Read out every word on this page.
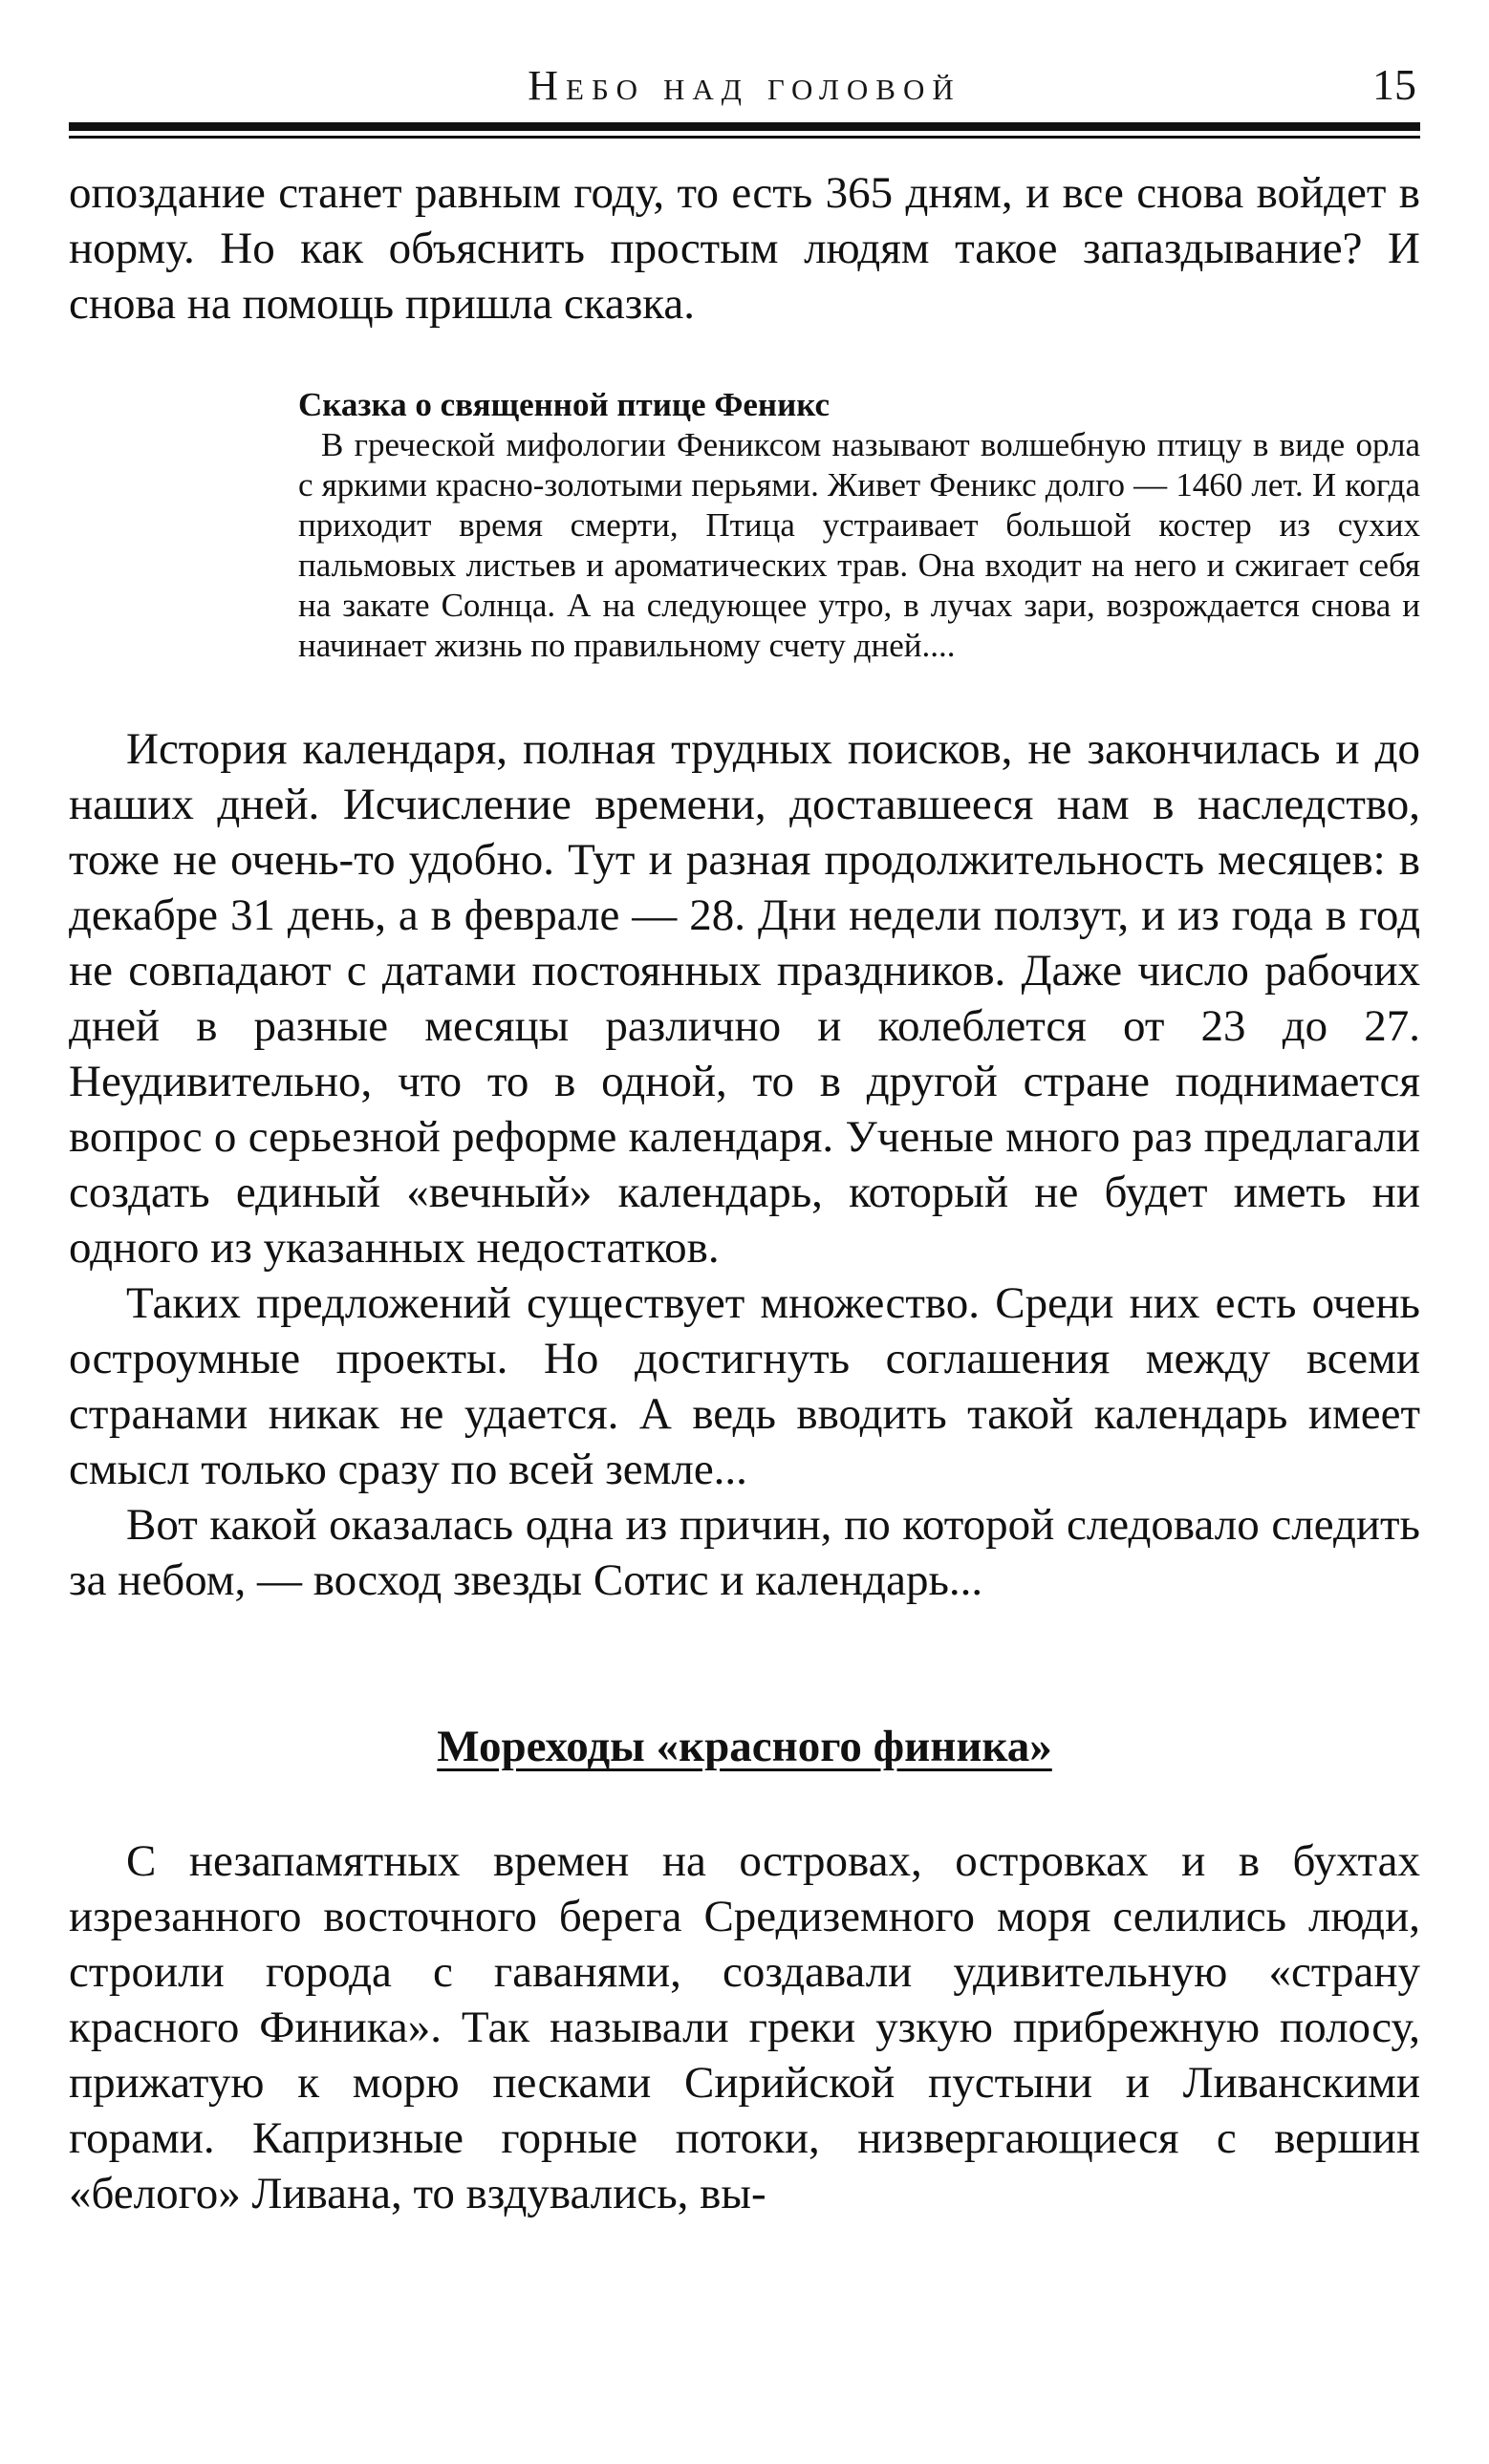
Небо над головой	15

опоздание станет равным году, то есть 365 дням, и все снова войдет в норму. Но как объяснить простым людям такое запаздывание? И снова на помощь пришла сказка.

Сказка о священной птице Феникс

В греческой мифологии Фениксом называют волшебную птицу в виде орла с яркими красно-золотыми перьями. Живет Феникс долго — 1460 лет. И когда приходит время смерти, Птица устраивает большой костер из сухих пальмовых листьев и ароматических трав. Она входит на него и сжигает себя на закате Солнца. А на следующее утро, в лучах зари, возрождается снова и начинает жизнь по правильному счету дней....

История календаря, полная трудных поисков, не закончилась и до наших дней. Исчисление времени, доставшееся нам в наследство, тоже не очень-то удобно. Тут и разная продолжительность месяцев: в декабре 31 день, а в феврале — 28. Дни недели ползут, и из года в год не совпадают с датами постоянных праздников. Даже число рабочих дней в разные месяцы различно и колеблется от 23 до 27. Неудивительно, что то в одной, то в другой стране поднимается вопрос о серьезной реформе календаря. Ученые много раз предлагали создать единый «вечный» календарь, который не будет иметь ни одного из указанных недостатков.

Таких предложений существует множество. Среди них есть очень остроумные проекты. Но достигнуть соглашения между всеми странами никак не удается. А ведь вводить такой календарь имеет смысл только сразу по всей земле...

Вот какой оказалась одна из причин, по которой следовало следить за небом, — восход звезды Сотис и календарь...

Мореходы «красного финика»

С незапамятных времен на островах, островках и в бухтах изрезанного восточного берега Средиземного моря селились люди, строили города с гаванями, создавали удивительную «страну красного Финика». Так называли греки узкую прибрежную полосу, прижатую к морю песками Сирийской пустыни и Ливанскими горами. Капризные горные потоки, низвергающиеся с вершин «белого» Ливана, то вздувались, вы-
